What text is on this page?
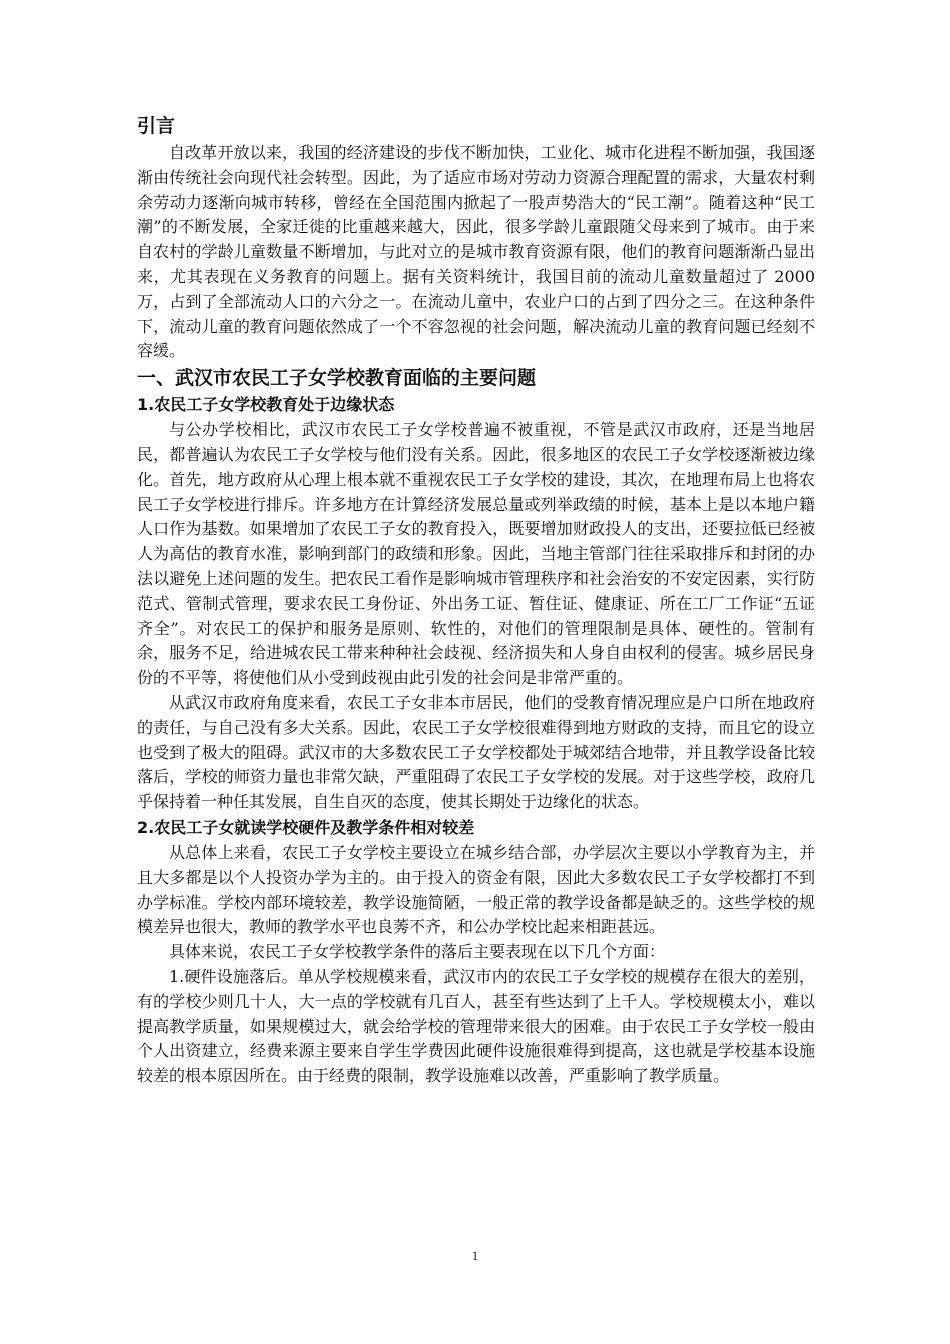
引言

自改革开放以来，我国的经济建设的步伐不断加快，工业化、城市化进程不断加强，我国逐渐由传统社会向现代社会转型。因此，为了适应市场对劳动力资源合理配置的需求，大量农村剩余劳动力逐渐向城市转移，曾经在全国范围内掀起了一股声势浩大的“民工潮”。随着这种“民工潮”的不断发展，全家迁徙的比重越来越大，因此，很多学龄儿童跟随父母来到了城市。由于来自农村的学龄儿童数量不断增加，与此对立的是城市教育资源有限，他们的教育问题渐渐凸显出来，尤其表现在义务教育的问题上。据有关资料统计，我国目前的流动儿童数量超过了 2000 万，占到了全部流动人口的六分之一。在流动儿童中，农业户口的占到了四分之三。在这种条件下，流动儿童的教育问题依然成了一个不容忽视的社会问题，解决流动儿童的教育问题已经刻不容缓。

一、武汉市农民工子女学校教育面临的主要问题
1.农民工子女学校教育处于边缘状态

与公办学校相比，武汉市农民工子女学校普遍不被重视，不管是武汉市政府，还是当地居民，都普遍认为农民工子女学校与他们没有关系。因此，很多地区的农民工子女学校逐渐被边缘化。首先，地方政府从心理上根本就不重视农民工子女学校的建设，其次，在地理布局上也将农民工子女学校进行排斥。许多地方在计算经济发展总量或列举政绩的时候，基本上是以本地户籍人口作为基数。如果增加了农民工子女的教育投入，既要增加财政投人的支出，还要拉低已经被人为高估的教育水准，影响到部门的政绩和形象。因此，当地主管部门往往采取排斥和封闭的办法以避免上述问题的发生。把农民工看作是影响城市管理秩序和社会治安的不安定因素，实行防范式、管制式管理，要求农民工身份证、外出务工证、暂住证、健康证、所在工厂工作证“五证齐全”。对农民工的保护和服务是原则、软性的，对他们的管理限制是具体、硬性的。管制有余，服务不足，给进城农民工带来种种社会歧视、经济损失和人身自由权利的侵害。城乡居民身份的不平等，将使他们从小受到歧视由此引发的社会问是非常严重的。

从武汉市政府角度来看，农民工子女非本市居民，他们的受教育情况理应是户口所在地政府的责任，与自己没有多大关系。因此，农民工子女学校很难得到地方财政的支持，而且它的设立也受到了极大的阻碍。武汉市的大多数农民工子女学校都处于城郊结合地带，并且教学设备比较落后，学校的师资力量也非常欠缺，严重阻碍了农民工子女学校的发展。对于这些学校，政府几乎保持着一种任其发展，自生自灭的态度，使其长期处于边缘化的状态。

2.农民工子女就读学校硬件及教学条件相对较差

从总体上来看，农民工子女学校主要设立在城乡结合部，办学层次主要以小学教育为主，并且大多都是以个人投资办学为主的。由于投入的资金有限，因此大多数农民工子女学校都打不到办学标准。学校内部环境较差，教学设施简陋，一般正常的教学设备都是缺乏的。这些学校的规模差异也很大，教师的教学水平也良莠不齐，和公办学校比起来相距甚远。

具体来说，农民工子女学校教学条件的落后主要表现在以下几个方面：

1.硬件设施落后。单从学校规模来看，武汉市内的农民工子女学校的规模存在很大的差别，有的学校少则几十人，大一点的学校就有几百人，甚至有些达到了上千人。学校规模太小，难以提高教学质量，如果规模过大，就会给学校的管理带来很大的困难。由于农民工子女学校一般由个人出资建立，经费来源主要来自学生学费因此硬件设施很难得到提高，这也就是学校基本设施较差的根本原因所在。由于经费的限制，教学设施难以改善，严重影响了教学质量。

1
